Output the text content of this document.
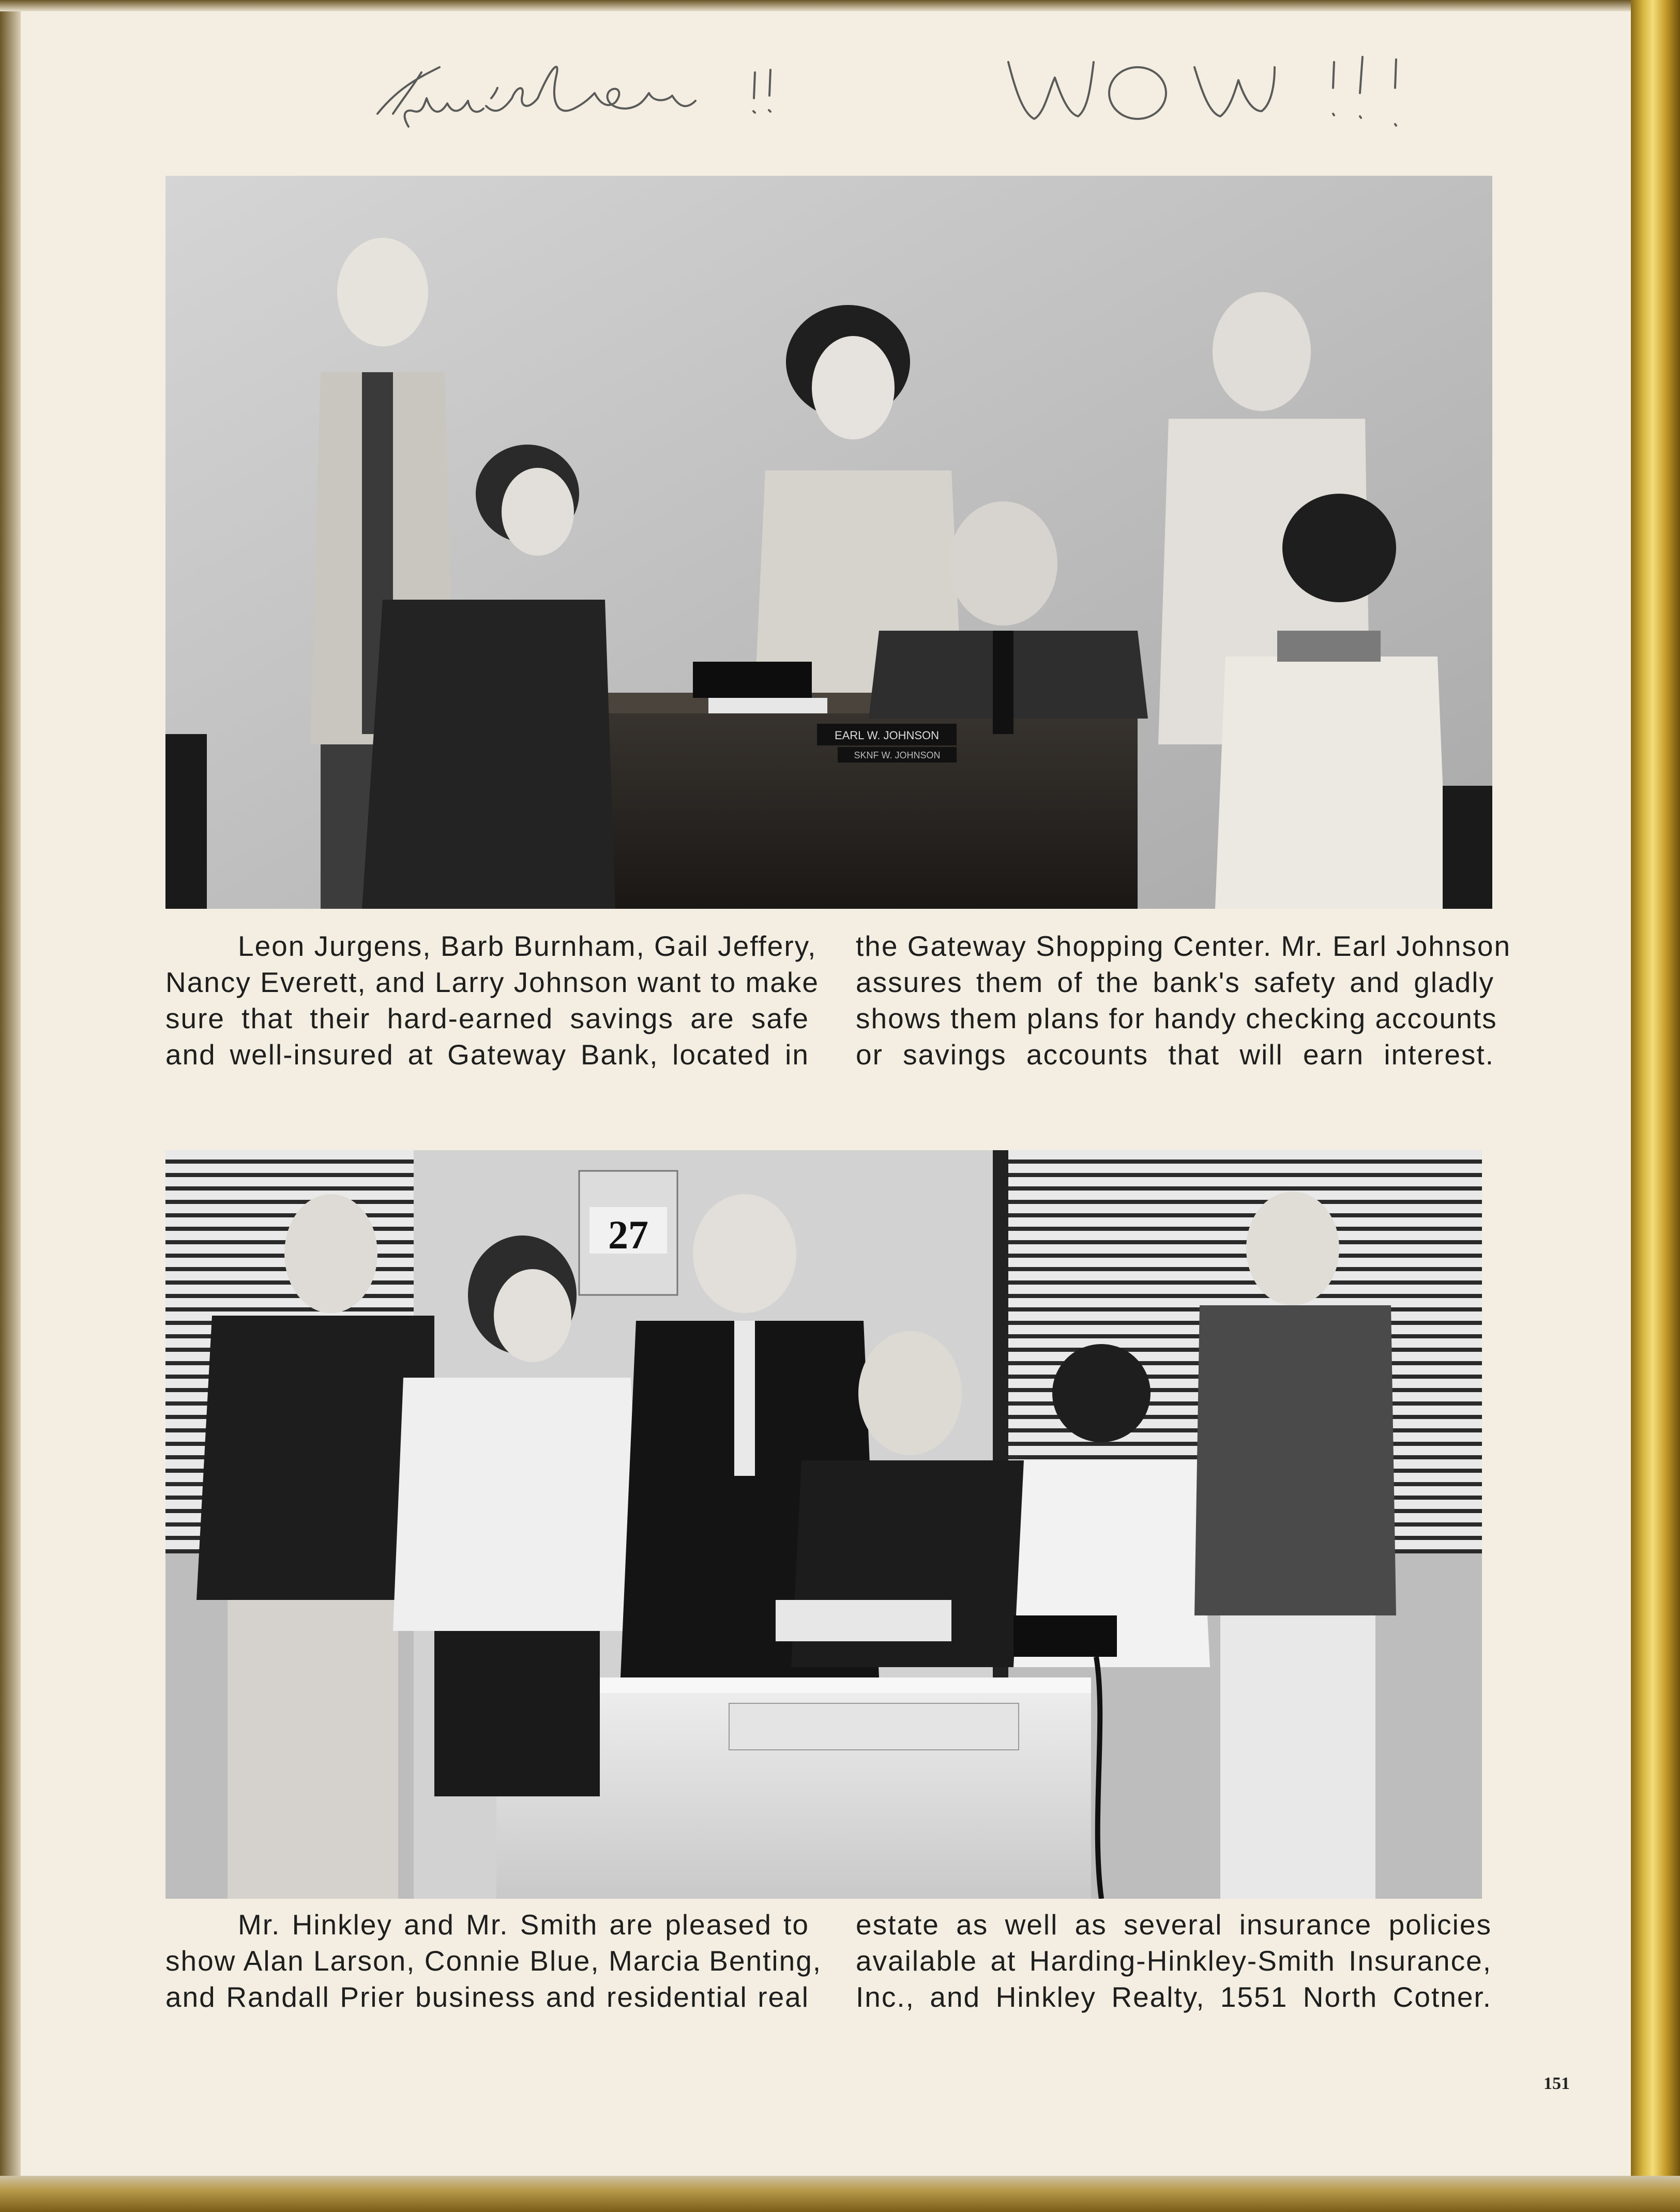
EARL W. JOHNSON
SKNF W. JOHNSON
Leon Jurgens, Barb Burnham, Gail Jeffery,
Nancy Everett, and Larry Johnson want to make
sure that their hard-earned savings are safe
and well-insured at Gateway Bank, located in
the Gateway Shopping Center. Mr. Earl Johnson
assures them of the bank's safety and gladly
shows them plans for handy checking accounts
or savings accounts that will earn interest.
27
Mr. Hinkley and Mr. Smith are pleased to
show Alan Larson, Connie Blue, Marcia Benting,
and Randall Prier business and residential real
estate as well as several insurance policies
available at Harding-Hinkley-Smith Insurance,
Inc., and Hinkley Realty, 1551 North Cotner.
151
